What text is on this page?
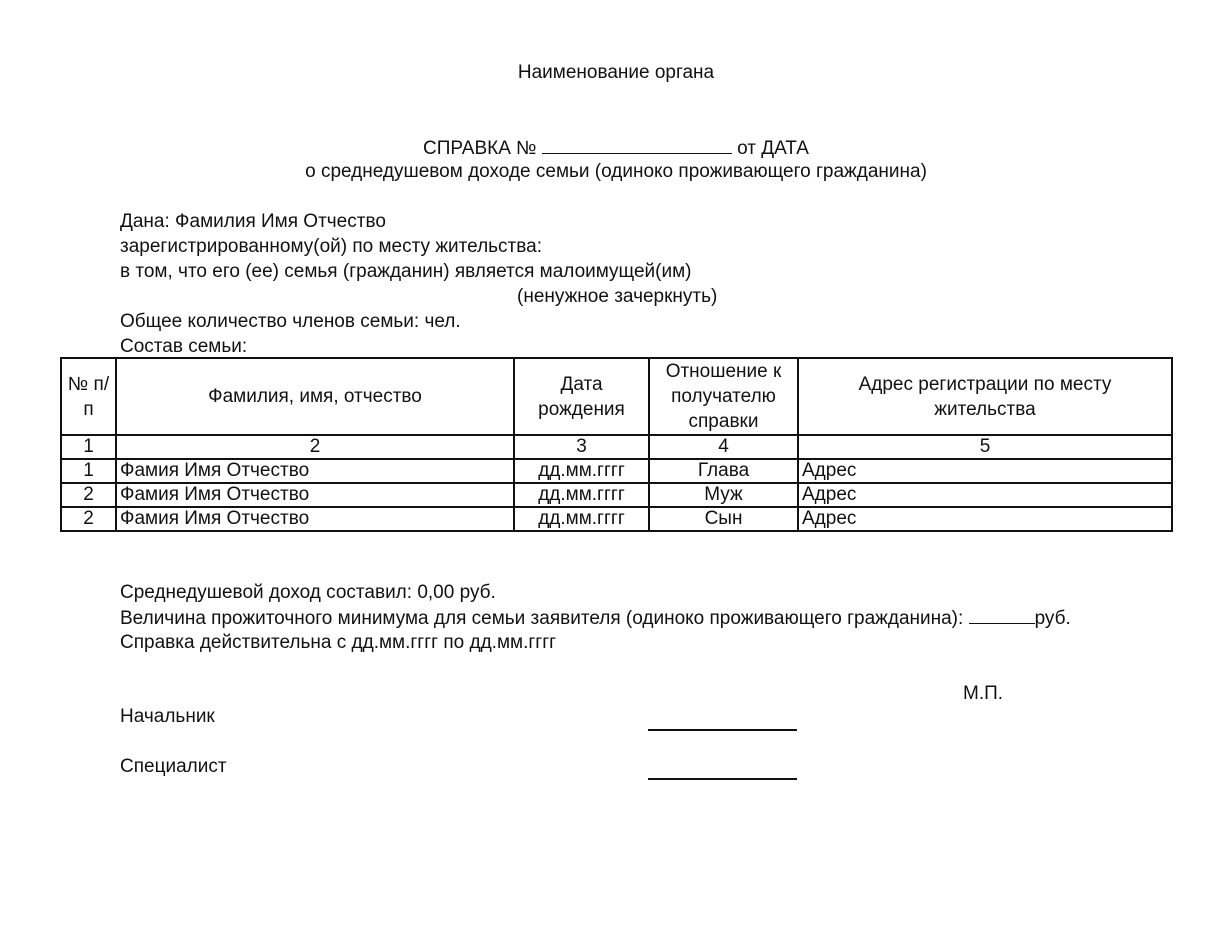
Наименование органа
СПРАВКА №	от ДАТА
о среднедушевом доходе семьи (одиноко проживающего гражданина)
Дана: Фамилия Имя Отчество
зарегистрированному(ой) по месту жительства:
в том, что его (ее) семья (гражданин) является малоимущей(им)
(ненужное зачеркнуть)
Общее количество членов семьи: чел.
Состав семьи:
№ п/п	Фамилия, имя, отчество	Дата рождения	Отношение к получателю справки	Адрес регистрации по месту жительства
1	2	3	4	5
1	Фамия Имя Отчество	дд.мм.гггг	Глава	Адрес
2	Фамия Имя Отчество	дд.мм.гггг	Муж	Адрес
2	Фамия Имя Отчество	дд.мм.гггг	Сын	Адрес
Среднедушевой доход составил: 0,00 руб.
Величина прожиточного минимума для семьи заявителя (одиноко проживающего гражданина):	руб.
Справка действительна с дд.мм.гггг по дд.мм.гггг
М.П.
Начальник
Специалист
